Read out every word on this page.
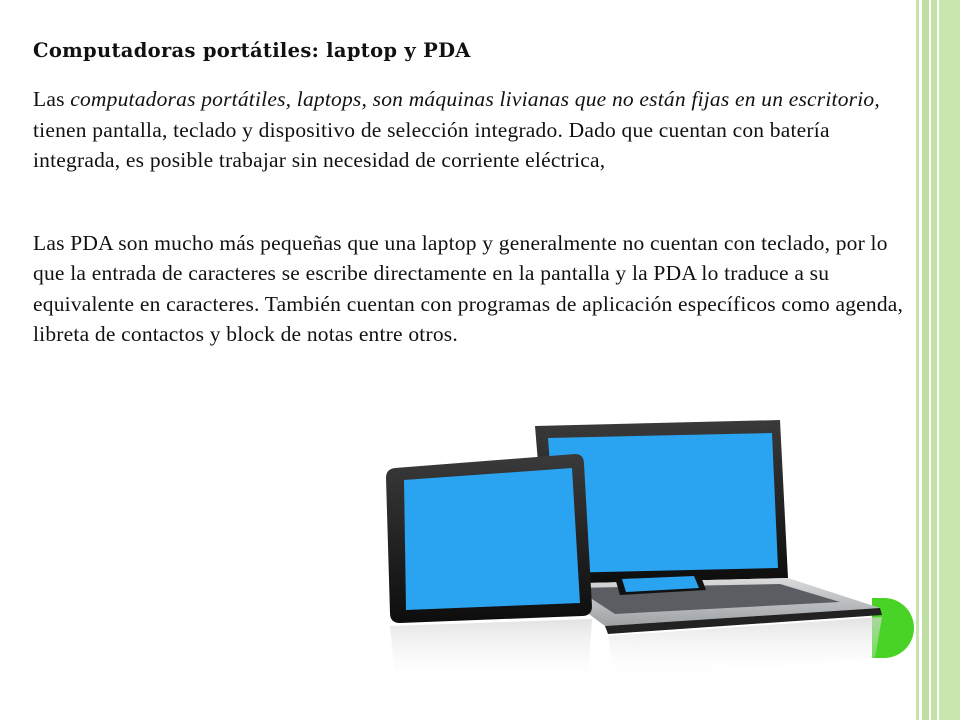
Computadoras portátiles: laptop y PDA

Las computadoras portátiles, laptops, son máquinas livianas que no están fijas en un escritorio, tienen pantalla, teclado y dispositivo de selección integrado. Dado que cuentan con batería integrada, es posible trabajar sin necesidad de corriente eléctrica,

Las PDA son mucho más pequeñas que una laptop y generalmente no cuentan con teclado, por lo que la entrada de caracteres se escribe directamente en la pantalla y la PDA lo traduce a su equivalente en caracteres. También cuentan con programas de aplicación específicos como agenda, libreta de contactos y block de notas entre otros.
